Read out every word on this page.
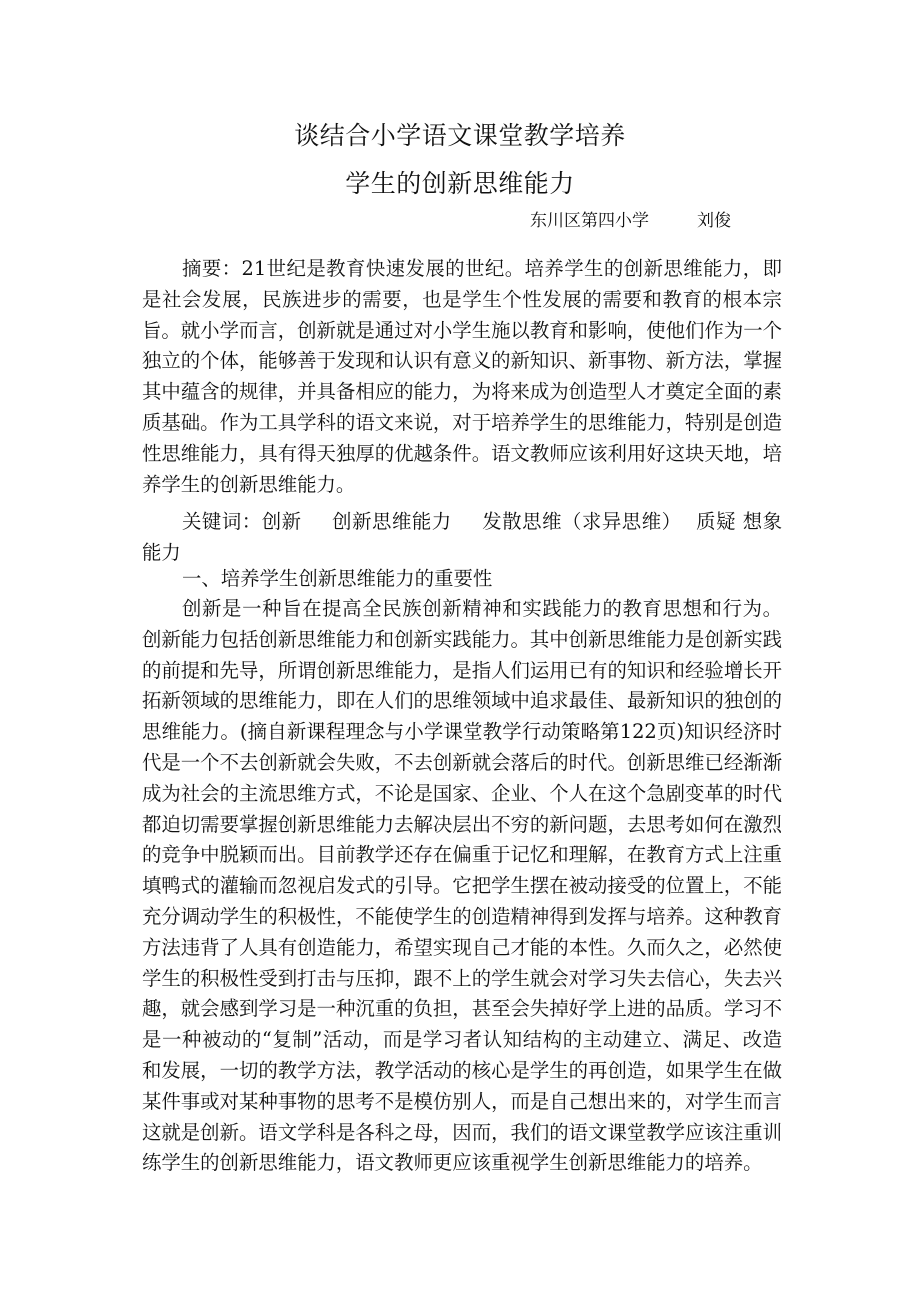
谈结合小学语文课堂教学培养
学生的创新思维能力
东川区第四小学	刘俊

摘要：21世纪是教育快速发展的世纪。培养学生的创新思维能力，即是社会发展，民族进步的需要，也是学生个性发展的需要和教育的根本宗旨。就小学而言，创新就是通过对小学生施以教育和影响，使他们作为一个独立的个体，能够善于发现和认识有意义的新知识、新事物、新方法，掌握其中蕴含的规律，并具备相应的能力，为将来成为创造型人才奠定全面的素质基础。作为工具学科的语文来说，对于培养学生的思维能力，特别是创造性思维能力，具有得天独厚的优越条件。语文教师应该利用好这块天地，培养学生的创新思维能力。

关键词：创新 创新思维能力 发散思维（求异思维） 质疑 想象能力

一、培养学生创新思维能力的重要性

创新是一种旨在提高全民族创新精神和实践能力的教育思想和行为。创新能力包括创新思维能力和创新实践能力。其中创新思维能力是创新实践的前提和先导，所谓创新思维能力，是指人们运用已有的知识和经验增长开拓新领域的思维能力，即在人们的思维领域中追求最佳、最新知识的独创的思维能力。(摘自新课程理念与小学课堂教学行动策略第122页)知识经济时代是一个不去创新就会失败，不去创新就会落后的时代。创新思维已经渐渐成为社会的主流思维方式，不论是国家、企业、个人在这个急剧变革的时代都迫切需要掌握创新思维能力去解决层出不穷的新问题，去思考如何在激烈的竞争中脱颖而出。目前教学还存在偏重于记忆和理解，在教育方式上注重填鸭式的灌输而忽视启发式的引导。它把学生摆在被动接受的位置上，不能充分调动学生的积极性，不能使学生的创造精神得到发挥与培养。这种教育方法违背了人具有创造能力，希望实现自己才能的本性。久而久之，必然使学生的积极性受到打击与压抑，跟不上的学生就会对学习失去信心，失去兴趣，就会感到学习是一种沉重的负担，甚至会失掉好学上进的品质。学习不是一种被动的“复制”活动，而是学习者认知结构的主动建立、满足、改造和发展，一切的教学方法，教学活动的核心是学生的再创造，如果学生在做某件事或对某种事物的思考不是模仿别人，而是自己想出来的，对学生而言这就是创新。语文学科是各科之母，因而，我们的语文课堂教学应该注重训练学生的创新思维能力，语文教师更应该重视学生创新思维能力的培养。
